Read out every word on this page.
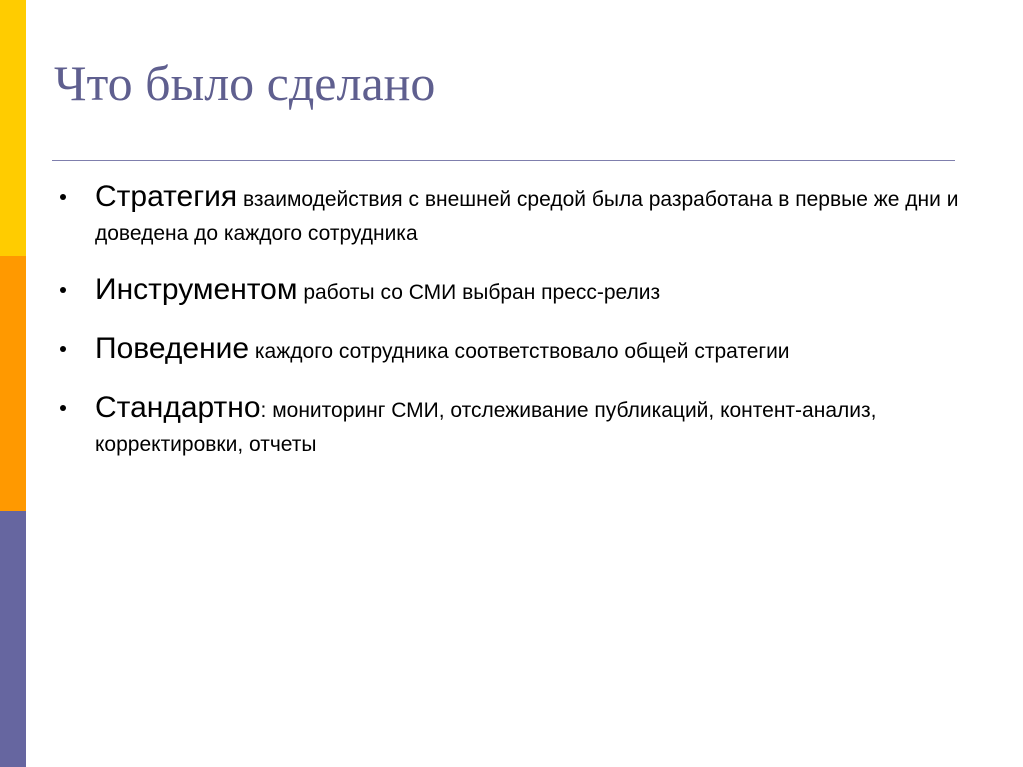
Что было сделано
Стратегия взаимодействия с внешней средой была разработана в первые же дни и доведена до каждого сотрудника
Инструментом работы со СМИ выбран пресс-релиз
Поведение каждого сотрудника соответствовало общей стратегии
Стандартно: мониторинг СМИ, отслеживание публикаций, контент-анализ, корректировки, отчеты
